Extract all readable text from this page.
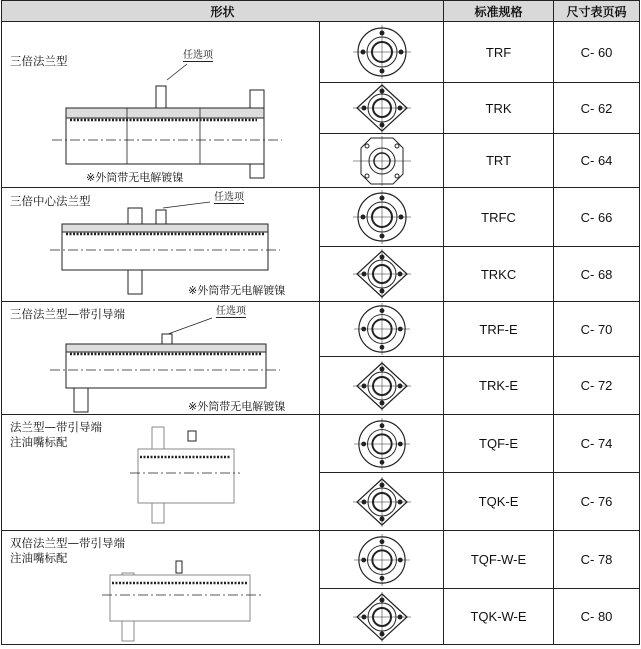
形状		标准规格	尺寸表页码

三倍法兰型 任选项
※外筒带无电解镀镍		TRF	C- 60

	TRK	C- 62

	TRT	C- 64

三倍中心法兰型 任选项
※外筒带无电解镀镍		TRFC	C- 66

	TRKC	C- 68

三倍法兰型—带引导端 任选项
※外筒带无电解镀镍		TRF-E	C- 70

	TRK-E	C- 72

法兰型—带引导端
注油嘴标配		TQF-E	C- 74

	TQK-E	C- 76

双倍法兰型—带引导端
注油嘴标配		TQF-W-E	C- 78

	TQK-W-E	C- 80
